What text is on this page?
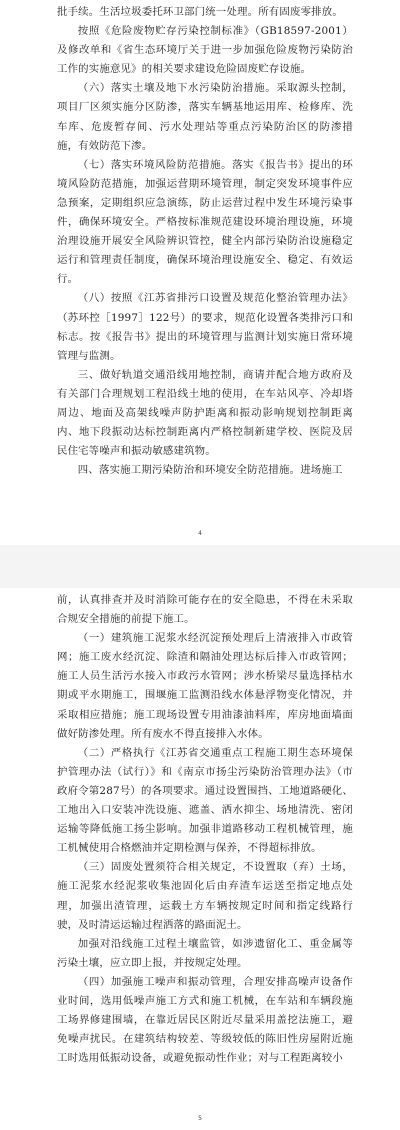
批手续。生活垃圾委托环卫部门统一处理。所有固废零排放。

按照《危险废物贮存污染控制标准》（GB18597-2001）及修改单和《省生态环境厅关于进一步加强危险废物污染防治工作的实施意见》的相关要求建设危险固废贮存设施。

（六）落实土壤及地下水污染防治措施。采取源头控制，项目厂区须实施分区防渗，落实车辆基地运用库、检修库、洗车库、危废暂存间、污水处理站等重点污染防治区的防渗措施，有效防范下渗。

（七）落实环境风险防范措施。落实《报告书》提出的环境风险防范措施，加强运营期环境管理，制定突发环境事件应急预案，定期组织应急演练，防止运营过程中发生环境污染事件，确保环境安全。严格按标准规范建设环境治理设施，环境治理设施开展安全风险辨识管控，健全内部污染防治设施稳定运行和管理责任制度，确保环境治理设施安全、稳定、有效运行。

（八）按照《江苏省排污口设置及规范化整治管理办法》（苏环控［1997］122号）的要求，规范化设置各类排污口和标志。按《报告书》提出的环境管理与监测计划实施日常环境管理与监测。

三、做好轨道交通沿线用地控制，商请并配合地方政府及有关部门合理规划工程沿线土地的使用，在车站风亭、冷却塔周边、地面及高架线噪声防护距离和振动影响规划控制距离内、地下段振动达标控制距离内严格控制新建学校、医院及居民住宅等噪声和振动敏感建筑物。

四、落实施工期污染防治和环境安全防范措施。进场施工

4

前，认真排查并及时消除可能存在的安全隐患，不得在未采取合规安全措施的前提下施工。

（一）建筑施工泥浆水经沉淀预处理后上清液排入市政管网；施工废水经沉淀、除渣和隔油处理达标后排入市政管网；施工人员生活污水接入市政污水管网；涉水桥梁尽量选择枯水期或平水期施工，围堰施工监测沿线水体悬浮物变化情况，并采取相应措施；施工现场设置专用油漆油料库，库房地面墙面做好防渗处理。所有废水不得直接排入水体。

（二）严格执行《江苏省交通重点工程施工期生态环境保护管理办法（试行）》和《南京市扬尘污染防治管理办法》（市政府令第287号）的各项要求。通过设置围挡、工地道路硬化、工地出入口安装冲洗设施、遮盖、洒水抑尘、场地清洗、密闭运输等降低施工扬尘影响。加强非道路移动工程机械管理，施工机械使用合格燃油并定期检测与保养，不得超标排放。

（三）固废处置须符合相关规定，不设置取（弃）土场，施工泥浆水经泥浆收集池固化后由弃渣车运送至指定地点处理，加强出渣管理，运载土方车辆按规定时间和指定线路行驶，及时清运运输过程洒落的路面泥土。

加强对沿线施工过程土壤监管，如涉遗留化工、重金属等污染土壤，应立即上报，并按规定处理。

（四）加强施工噪声和振动管理，合理安排高噪声设备作业时间，选用低噪声施工方式和施工机械，在车站和车辆段施工场界修建围墙，在靠近居民区附近尽量采用盖挖法施工，避免噪声扰民。在建筑结构较差、等级较低的陈旧性房屋附近施工时选用低振动设备，或避免振动性作业；对与工程距离较小

5
